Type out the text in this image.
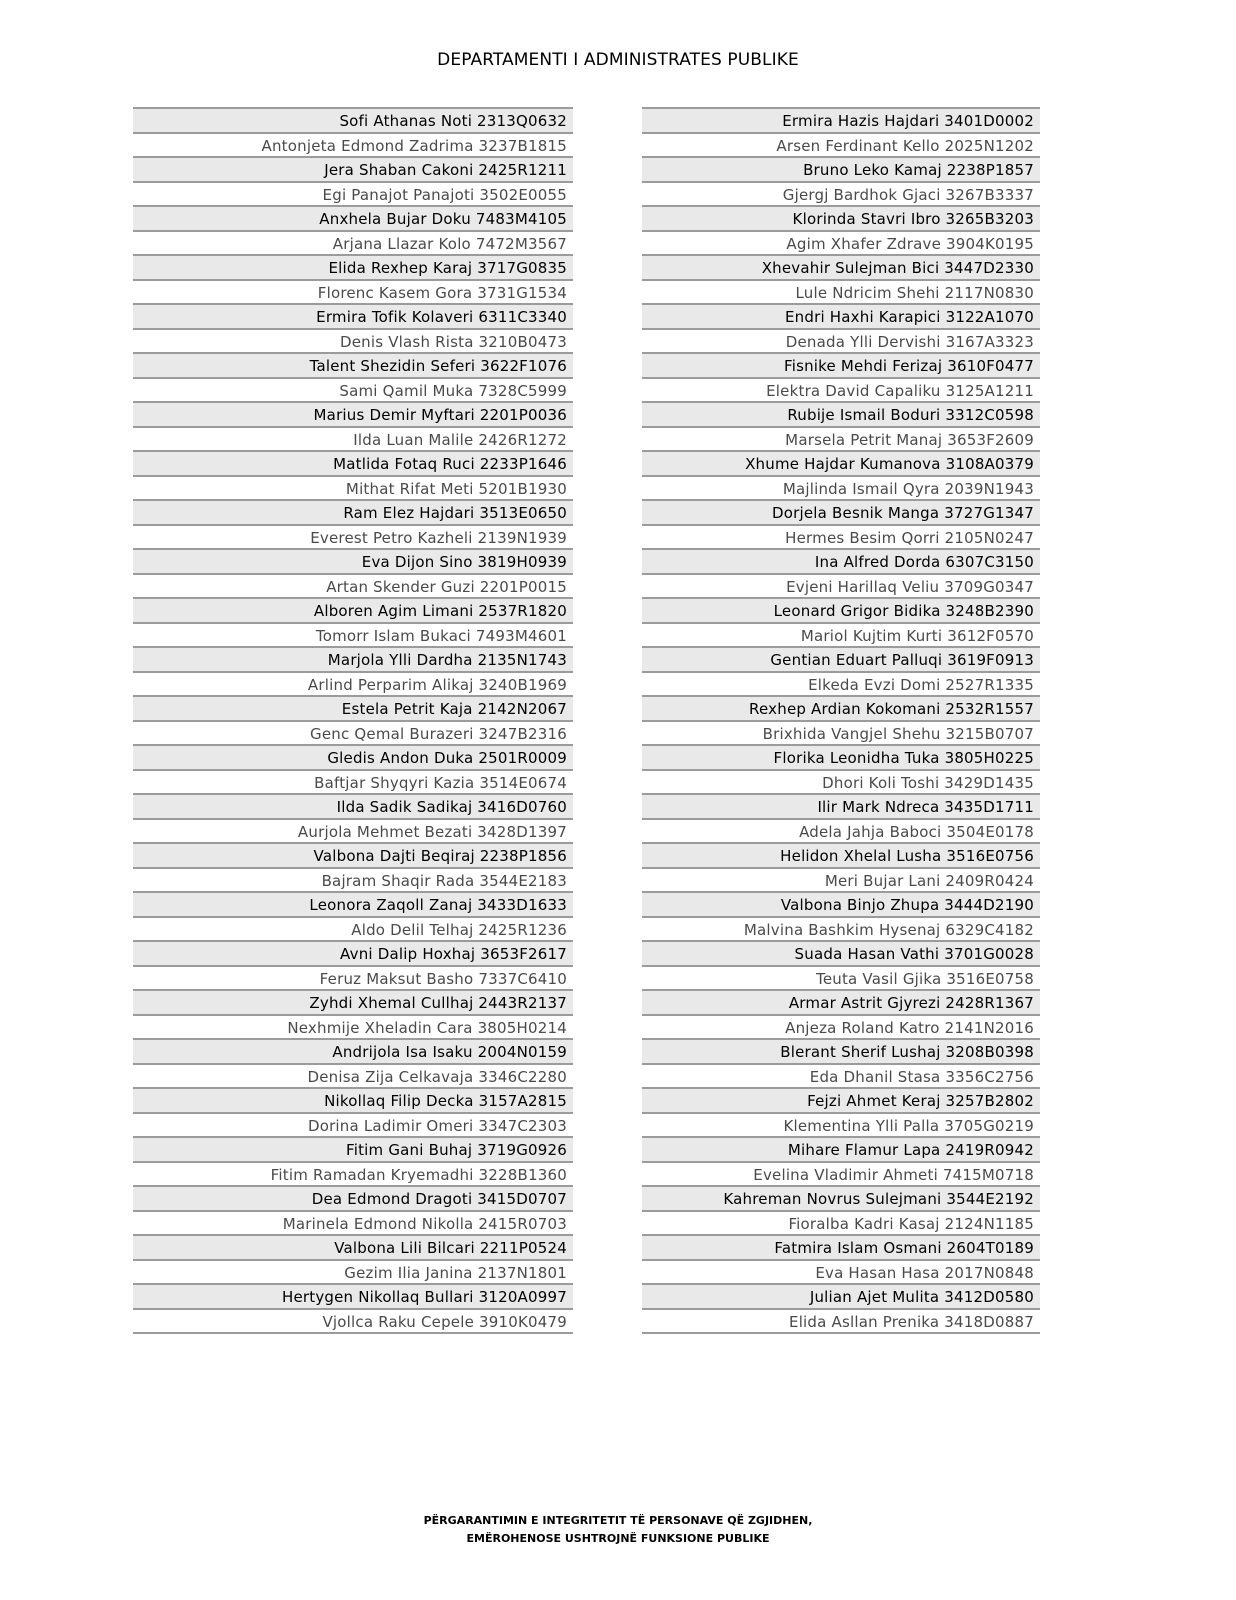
DEPARTAMENTI I ADMINISTRATES PUBLIKE
Sofi Athanas Noti 2313Q0632
Antonjeta Edmond Zadrima 3237B1815
Jera Shaban Cakoni 2425R1211
Egi Panajot Panajoti 3502E0055
Anxhela Bujar Doku 7483M4105
Arjana Llazar Kolo 7472M3567
Elida Rexhep Karaj 3717G0835
Florenc Kasem Gora 3731G1534
Ermira Tofik Kolaveri 6311C3340
Denis Vlash Rista 3210B0473
Talent Shezidin Seferi 3622F1076
Sami Qamil Muka 7328C5999
Marius Demir Myftari 2201P0036
Ilda Luan Malile 2426R1272
Matlida Fotaq Ruci 2233P1646
Mithat Rifat Meti 5201B1930
Ram Elez Hajdari 3513E0650
Everest Petro Kazheli 2139N1939
Eva Dijon Sino 3819H0939
Artan Skender Guzi 2201P0015
Alboren Agim Limani 2537R1820
Tomorr Islam Bukaci 7493M4601
Marjola Ylli Dardha 2135N1743
Arlind Perparim Alikaj 3240B1969
Estela Petrit Kaja 2142N2067
Genc Qemal Burazeri 3247B2316
Gledis Andon Duka 2501R0009
Baftjar Shyqyri Kazia 3514E0674
Ilda Sadik Sadikaj 3416D0760
Aurjola Mehmet Bezati 3428D1397
Valbona Dajti Beqiraj 2238P1856
Bajram Shaqir Rada 3544E2183
Leonora Zaqoll Zanaj 3433D1633
Aldo Delil Telhaj 2425R1236
Avni Dalip Hoxhaj 3653F2617
Feruz Maksut Basho 7337C6410
Zyhdi Xhemal Cullhaj 2443R2137
Nexhmije Xheladin Cara 3805H0214
Andrijola Isa Isaku 2004N0159
Denisa Zija Celkavaja 3346C2280
Nikollaq Filip Decka 3157A2815
Dorina Ladimir Omeri 3347C2303
Fitim Gani Buhaj 3719G0926
Fitim Ramadan Kryemadhi 3228B1360
Dea Edmond Dragoti 3415D0707
Marinela Edmond Nikolla 2415R0703
Valbona Lili Bilcari 2211P0524
Gezim Ilia Janina 2137N1801
Hertygen Nikollaq Bullari 3120A0997
Vjollca Raku Cepele 3910K0479
Ermira Hazis Hajdari 3401D0002
Arsen Ferdinant Kello 2025N1202
Bruno Leko Kamaj 2238P1857
Gjergj Bardhok Gjaci 3267B3337
Klorinda Stavri Ibro 3265B3203
Agim Xhafer Zdrave 3904K0195
Xhevahir Sulejman Bici 3447D2330
Lule Ndricim Shehi 2117N0830
Endri Haxhi Karapici 3122A1070
Denada Ylli Dervishi 3167A3323
Fisnike Mehdi Ferizaj 3610F0477
Elektra David Capaliku 3125A1211
Rubije Ismail Boduri 3312C0598
Marsela Petrit Manaj 3653F2609
Xhume Hajdar Kumanova 3108A0379
Majlinda Ismail Qyra 2039N1943
Dorjela Besnik Manga 3727G1347
Hermes Besim Qorri 2105N0247
Ina Alfred Dorda 6307C3150
Evjeni Harillaq Veliu 3709G0347
Leonard Grigor Bidika 3248B2390
Mariol Kujtim Kurti 3612F0570
Gentian Eduart Palluqi 3619F0913
Elkeda Evzi Domi 2527R1335
Rexhep Ardian Kokomani 2532R1557
Brixhida Vangjel Shehu 3215B0707
Florika Leonidha Tuka 3805H0225
Dhori Koli Toshi 3429D1435
Ilir Mark Ndreca 3435D1711
Adela Jahja Baboci 3504E0178
Helidon Xhelal Lusha 3516E0756
Meri Bujar Lani 2409R0424
Valbona Binjo Zhupa 3444D2190
Malvina Bashkim Hysenaj 6329C4182
Suada Hasan Vathi 3701G0028
Teuta Vasil Gjika 3516E0758
Armar Astrit Gjyrezi 2428R1367
Anjeza Roland Katro 2141N2016
Blerant Sherif Lushaj 3208B0398
Eda Dhanil Stasa 3356C2756
Fejzi Ahmet Keraj 3257B2802
Klementina Ylli Palla 3705G0219
Mihare Flamur Lapa 2419R0942
Evelina Vladimir Ahmeti 7415M0718
Kahreman Novrus Sulejmani 3544E2192
Fioralba Kadri Kasaj 2124N1185
Fatmira Islam Osmani 2604T0189
Eva Hasan Hasa 2017N0848
Julian Ajet Mulita 3412D0580
Elida Asllan Prenika 3418D0887
PËRGARANTIMIN E INTEGRITETIT TË PERSONAVE QË ZGJIDHEN,
EMËROHENOSE USHTROJNË FUNKSIONE PUBLIKE
